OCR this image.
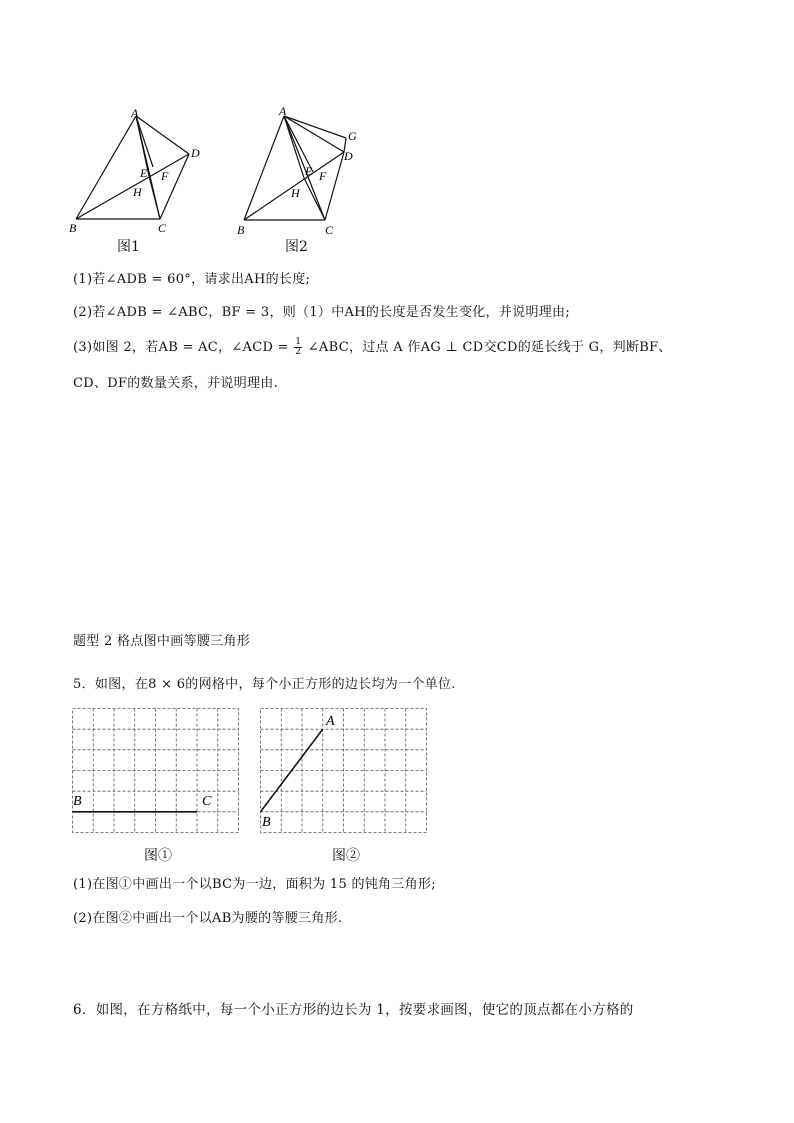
A
B	C
D
E F
H
图1
A
B	C
D
G
E F
H
图2
(1)若∠ADB = 60°，请求出AH的长度;
(2)若∠ADB = ∠ABC，BF = 3，则（1）中AH的长度是否发生变化，并说明理由;
(3)如图 2，若AB = AC，∠ACD = $\frac{1}{2}$ ∠ABC，过点 A 作AG ⊥ CD交CD的延长线于 G，判断BF、
CD、DF的数量关系，并说明理由.
题型 2 格点图中画等腰三角形
5．如图，在8 × 6的网格中，每个小正方形的边长均为一个单位.
B	C
图①
A
B
图②
(1)在图①中画出一个以BC为一边，面积为 15 的钝角三角形;
(2)在图②中画出一个以AB为腰的等腰三角形.
6．如图，在方格纸中，每一个小正方形的边长为 1，按要求画图，使它的顶点都在小方格的
